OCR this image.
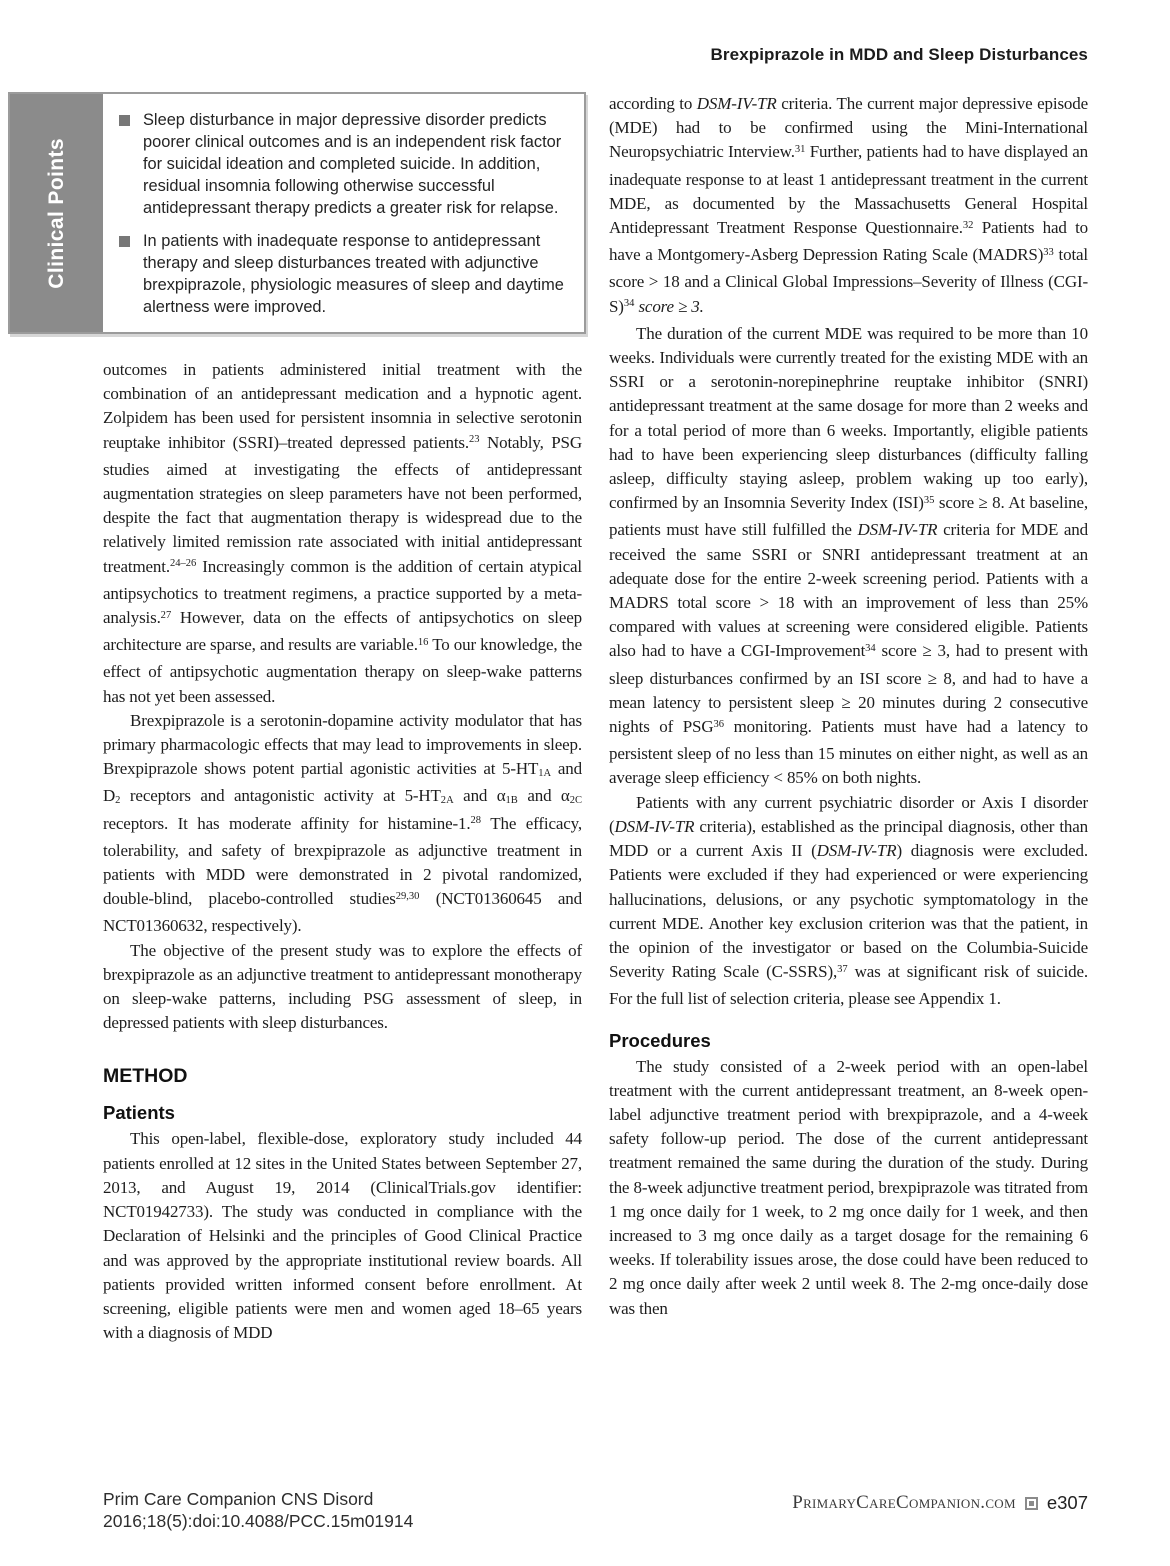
Brexpiprazole in MDD and Sleep Disturbances
Clinical Points
Sleep disturbance in major depressive disorder predicts poorer clinical outcomes and is an independent risk factor for suicidal ideation and completed suicide. In addition, residual insomnia following otherwise successful antidepressant therapy predicts a greater risk for relapse.
In patients with inadequate response to antidepressant therapy and sleep disturbances treated with adjunctive brexpiprazole, physiologic measures of sleep and daytime alertness were improved.

outcomes in patients administered initial treatment with the combination of an antidepressant medication and a hypnotic agent. Zolpidem has been used for persistent insomnia in selective serotonin reuptake inhibitor (SSRI)–treated depressed patients.$^{23}$ Notably, PSG studies aimed at investigating the effects of antidepressant augmentation strategies on sleep parameters have not been performed, despite the fact that augmentation therapy is widespread due to the relatively limited remission rate associated with initial antidepressant treatment.$^{24-26}$ Increasingly common is the addition of certain atypical antipsychotics to treatment regimens, a practice supported by a meta-analysis.$^{27}$ However, data on the effects of antipsychotics on sleep architecture are sparse, and results are variable.$^{16}$ To our knowledge, the effect of antipsychotic augmentation therapy on sleep-wake patterns has not yet been assessed.

Brexpiprazole is a serotonin-dopamine activity modulator that has primary pharmacologic effects that may lead to improvements in sleep. Brexpiprazole shows potent partial agonistic activities at 5-HT1A and D2 receptors and antagonistic activity at 5-HT2A and α1B and α2C receptors. It has moderate affinity for histamine-1.28 The efficacy, tolerability, and safety of brexpiprazole as adjunctive treatment in patients with MDD were demonstrated in 2 pivotal randomized, double-blind, placebo-controlled studies$^{29,30}$ (NCT01360645 and NCT01360632, respectively).

The objective of the present study was to explore the effects of brexpiprazole as an adjunctive treatment to antidepressant monotherapy on sleep-wake patterns, including PSG assessment of sleep, in depressed patients with sleep disturbances.

METHOD
Patients

This open-label, flexible-dose, exploratory study included 44 patients enrolled at 12 sites in the United States between September 27, 2013, and August 19, 2014 (ClinicalTrials.gov identifier: NCT01942733). The study was conducted in compliance with the Declaration of Helsinki and the principles of Good Clinical Practice and was approved by the appropriate institutional review boards. All patients provided written informed consent before enrollment. At screening, eligible patients were men and women aged 18–65 years with a diagnosis of MDD

according to DSM-IV-TR criteria. The current major depressive episode (MDE) had to be confirmed using the Mini-International Neuropsychiatric Interview.$^{31}$ Further, patients had to have displayed an inadequate response to at least 1 antidepressant treatment in the current MDE, as documented by the Massachusetts General Hospital Antidepressant Treatment Response Questionnaire.$^{32}$ Patients had to have a Montgomery-Asberg Depression Rating Scale (MADRS)$^{33}$ total score > 18 and a Clinical Global Impressions–Severity of Illness $(CGI-S)^{34}$ score ≥ 3.

The duration of the current MDE was required to be more than 10 weeks. Individuals were currently treated for the existing MDE with an SSRI or a serotonin-norepinephrine reuptake inhibitor (SNRI) antidepressant treatment at the same dosage for more than 2 weeks and for a total period of more than 6 weeks. Importantly, eligible patients had to have been experiencing sleep disturbances (difficulty falling asleep, difficulty staying asleep, problem waking up too early), confirmed by an Insomnia Severity Index (ISI)$^{35}$ score ≥ 8. At baseline, patients must have still fulfilled the DSM-IV-TR criteria for MDE and received the same SSRI or SNRI antidepressant treatment at an adequate dose for the entire 2-week screening period. Patients with a MADRS total score > 18 with an improvement of less than 25% compared with values at screening were considered eligible. Patients also had to have a CGI-Improvement$^{34}$ score ≥ 3, had to present with sleep disturbances confirmed by an ISI score ≥ 8, and had to have a mean latency to persistent sleep ≥ 20 minutes during 2 consecutive nights of PSG$^{36}$ monitoring. Patients must have had a latency to persistent sleep of no less than 15 minutes on either night, as well as an average sleep efficiency < 85% on both nights.

Patients with any current psychiatric disorder or Axis I disorder (DSM-IV-TR criteria), established as the principal diagnosis, other than MDD or a current Axis II (DSM-IV-TR) diagnosis were excluded. Patients were excluded if they had experienced or were experiencing hallucinations, delusions, or any psychotic symptomatology in the current MDE. Another key exclusion criterion was that the patient, in the opinion of the investigator or based on the Columbia-Suicide Severity Rating Scale (C-SSRS),$^{37}$ was at significant risk of suicide. For the full list of selection criteria, please see Appendix 1.

Procedures

The study consisted of a 2-week period with an open-label treatment with the current antidepressant treatment, an 8-week open-label adjunctive treatment period with brexpiprazole, and a 4-week safety follow-up period. The dose of the current antidepressant treatment remained the same during the duration of the study. During the 8-week adjunctive treatment period, brexpiprazole was titrated from 1 mg once daily for 1 week, to 2 mg once daily for 1 week, and then increased to 3 mg once daily as a target dosage for the remaining 6 weeks. If tolerability issues arose, the dose could have been reduced to 2 mg once daily after week 2 until week 8. The 2-mg once-daily dose was then

Prim Care Companion CNS Disord
2016;18(5):doi:10.4088/PCC.15m01914
PrimaryCareCompanion.com e307
